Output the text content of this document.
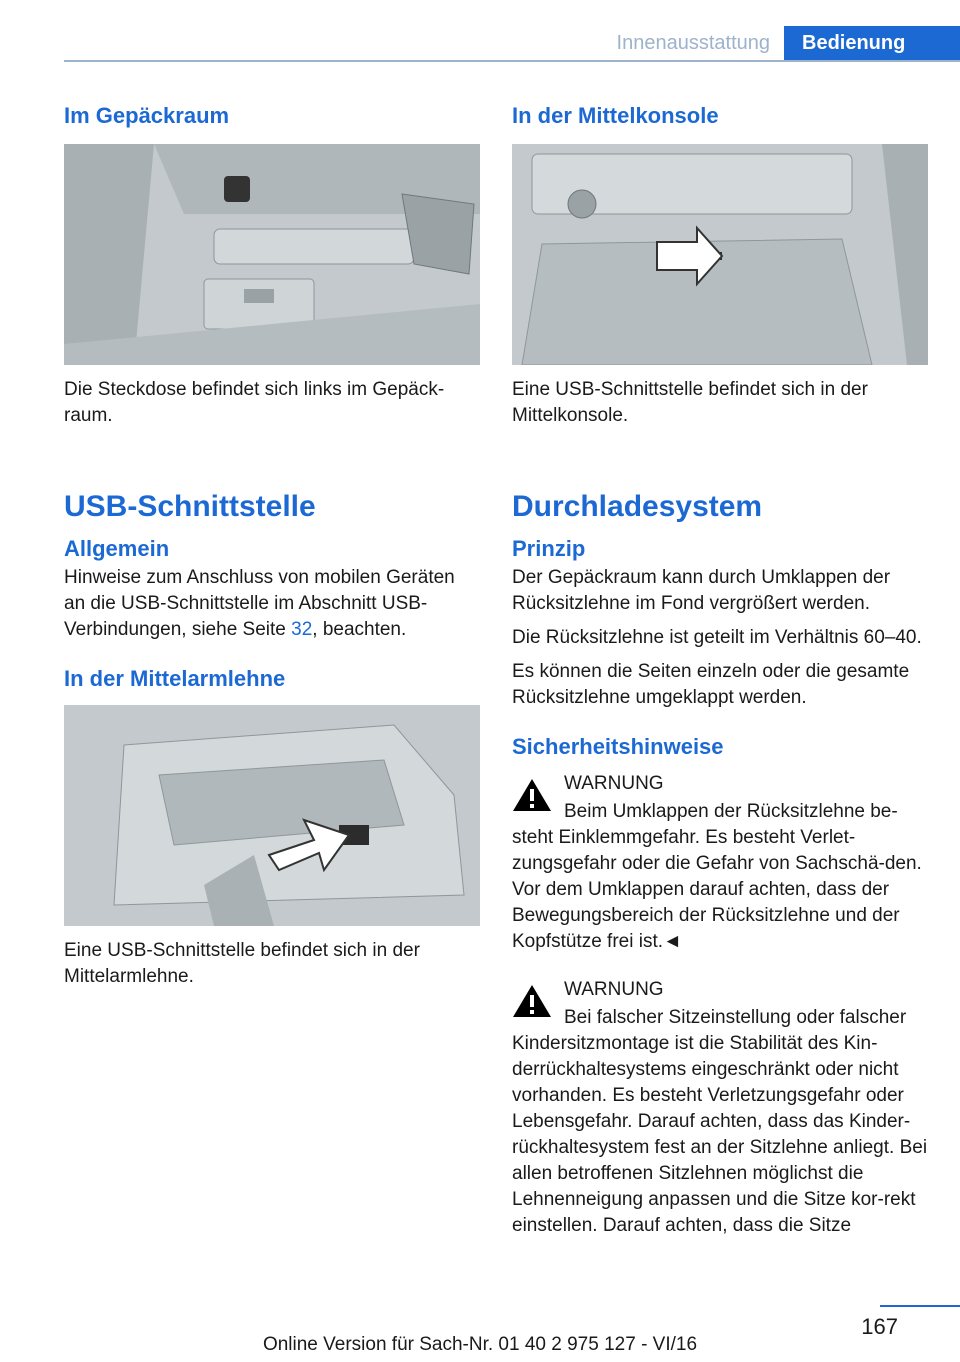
Innenausstattung	Bedienung
Im Gepäckraum

Die Steckdose befindet sich links im Gepäck-raum.

USB-Schnittstelle
Allgemein

Hinweise zum Anschluss von mobilen Geräten an die USB-Schnittstelle im Abschnitt USB-Verbindungen, siehe Seite 32, beachten.

In der Mittelarmlehne

Eine USB-Schnittstelle befindet sich in der Mittelarmlehne.

In der Mittelkonsole

Eine USB-Schnittstelle befindet sich in der Mittelkonsole.

Durchladesystem
Prinzip

Der Gepäckraum kann durch Umklappen der Rücksitzlehne im Fond vergrößert werden.

Die Rücksitzlehne ist geteilt im Verhältnis 60–40.

Es können die Seiten einzeln oder die gesamte Rücksitzlehne umgeklappt werden.

Sicherheitshinweise

WARNUNG

Beim Umklappen der Rücksitzlehne be-

steht Einklemmgefahr. Es besteht Verlet-zungsgefahr oder die Gefahr von Sachschä-den. Vor dem Umklappen darauf achten, dass der Bewegungsbereich der Rücksitzlehne und der Kopfstütze frei ist.◄

WARNUNG

Bei falscher Sitzeinstellung oder falscher

Kindersitzmontage ist die Stabilität des Kin-derrückhaltesystems eingeschränkt oder nicht vorhanden. Es besteht Verletzungsgefahr oder Lebensgefahr. Darauf achten, dass das Kinder-rückhaltesystem fest an der Sitzlehne anliegt. Bei allen betroffenen Sitzlehnen möglichst die Lehnenneigung anpassen und die Sitze kor-rekt einstellen. Darauf achten, dass die Sitze

167
Online Version für Sach-Nr. 01 40 2 975 127 - VI/16
